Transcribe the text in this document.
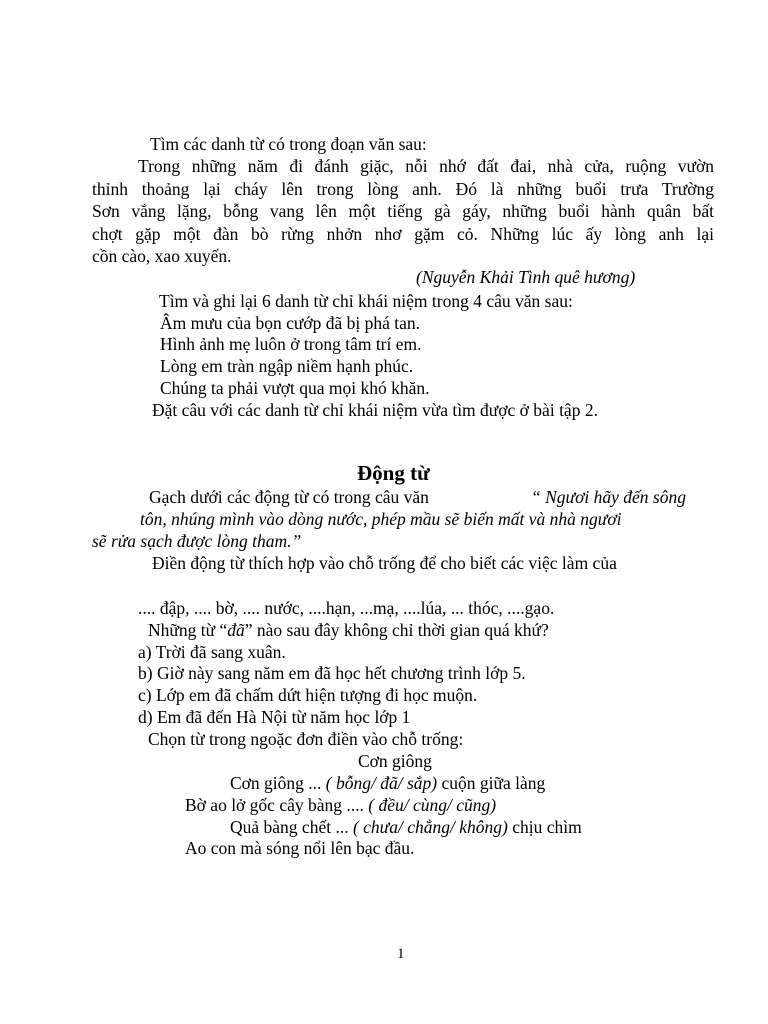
Tìm các danh từ có trong đoạn văn sau:
Trong những năm đi đánh giặc, nỗi nhớ đất đai, nhà cửa, ruộng vườn
thỉnh thoảng lại cháy lên trong lòng anh. Đó là những buổi trưa Trường
Sơn vắng lặng, bỗng vang lên một tiếng gà gáy, những buổi hành quân bất
chợt gặp một đàn bò rừng nhởn nhơ gặm cỏ. Những lúc ấy lòng anh lại
cồn cào, xao xuyến.
(Nguyễn Khải Tình quê hương)
Tìm và ghi lại 6 danh từ chỉ khái niệm trong 4 câu văn sau:
Âm mưu của bọn cướp đã bị phá tan.
Hình ảnh mẹ luôn ở trong tâm trí em.
Lòng em tràn ngập niềm hạnh phúc.
Chúng ta phải vượt qua mọi khó khăn.
Đặt câu với các danh từ chỉ khái niệm vừa tìm được ở bài tập 2.
Động từ
Gạch dưới các động từ có trong câu văn	“ Ngươi hãy đến sông
tôn, nhúng mình vào dòng nước, phép mầu sẽ biến mất và nhà ngươi
sẽ rửa sạch được lòng tham.”
Điền động từ thích hợp vào chỗ trống để cho biết các việc làm của
.... đập, .... bờ, .... nước, ....hạn, ...mạ, ....lúa, ... thóc, ....gạo.
Những từ “đã” nào sau đây không chỉ thời gian quá khứ?
a) Trời đã sang xuân.
b) Giờ này sang năm em đã học hết chương trình lớp 5.
c) Lớp em đã chấm dứt hiện tượng đi học muộn.
d) Em đã đến Hà Nội từ năm học lớp 1
Chọn từ trong ngoặc đơn điền vào chỗ trống:
Cơn giông
Cơn giông ... ( bỗng/ đã/ sắp) cuộn giữa làng
Bờ ao lở gốc cây bàng .... ( đều/ cùng/ cũng)
Quả bàng chết ... ( chưa/ chẳng/ không) chịu chìm
Ao con mà sóng nổi lên bạc đầu.
1
